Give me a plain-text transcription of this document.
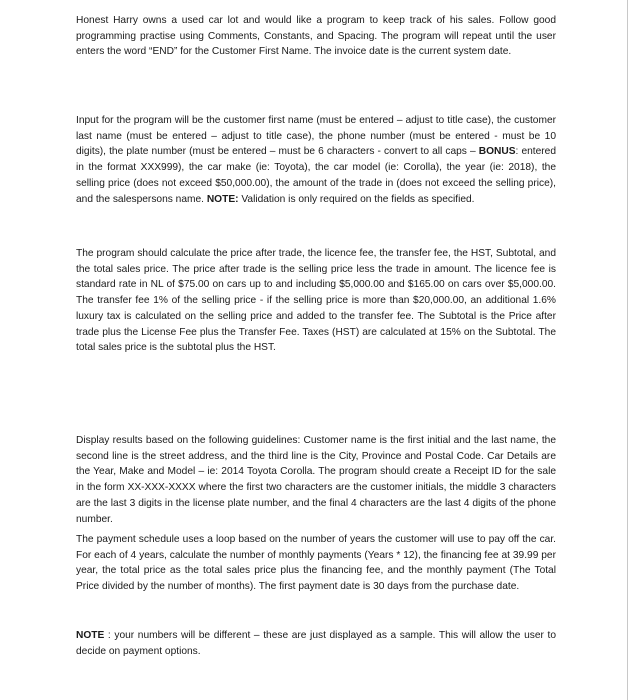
Honest Harry owns a used car lot and would like a program to keep track of his sales. Follow good programming practise using Comments, Constants, and Spacing. The program will repeat until the user enters the word “END” for the Customer First Name. The invoice date is the current system date.

Input for the program will be the customer first name (must be entered – adjust to title case), the customer last name (must be entered – adjust to title case), the phone number (must be entered - must be 10 digits), the plate number (must be entered – must be 6 characters - convert to all caps – BONUS: entered in the format XXX999), the car make (ie: Toyota), the car model (ie: Corolla), the year (ie: 2018), the selling price (does not exceed $50,000.00), the amount of the trade in (does not exceed the selling price), and the salespersons name. NOTE: Validation is only required on the fields as specified.

The program should calculate the price after trade, the licence fee, the transfer fee, the HST, Subtotal, and the total sales price. The price after trade is the selling price less the trade in amount. The licence fee is standard rate in NL of $75.00 on cars up to and including $5,000.00 and $165.00 on cars over $5,000.00. The transfer fee 1% of the selling price - if the selling price is more than $20,000.00, an additional 1.6% luxury tax is calculated on the selling price and added to the transfer fee. The Subtotal is the Price after trade plus the License Fee plus the Transfer Fee. Taxes (HST) are calculated at 15% on the Subtotal. The total sales price is the subtotal plus the HST.

Display results based on the following guidelines: Customer name is the first initial and the last name, the second line is the street address, and the third line is the City, Province and Postal Code. Car Details are the Year, Make and Model – ie: 2014 Toyota Corolla. The program should create a Receipt ID for the sale in the form XX-XXX-XXXX where the first two characters are the customer initials, the middle 3 characters are the last 3 digits in the license plate number, and the final 4 characters are the last 4 digits of the phone number.

The payment schedule uses a loop based on the number of years the customer will use to pay off the car. For each of 4 years, calculate the number of monthly payments (Years * 12), the financing fee at 39.99 per year, the total price as the total sales price plus the financing fee, and the monthly payment (The Total Price divided by the number of months). The first payment date is 30 days from the purchase date.

NOTE : your numbers will be different – these are just displayed as a sample. This will allow the user to decide on payment options.
